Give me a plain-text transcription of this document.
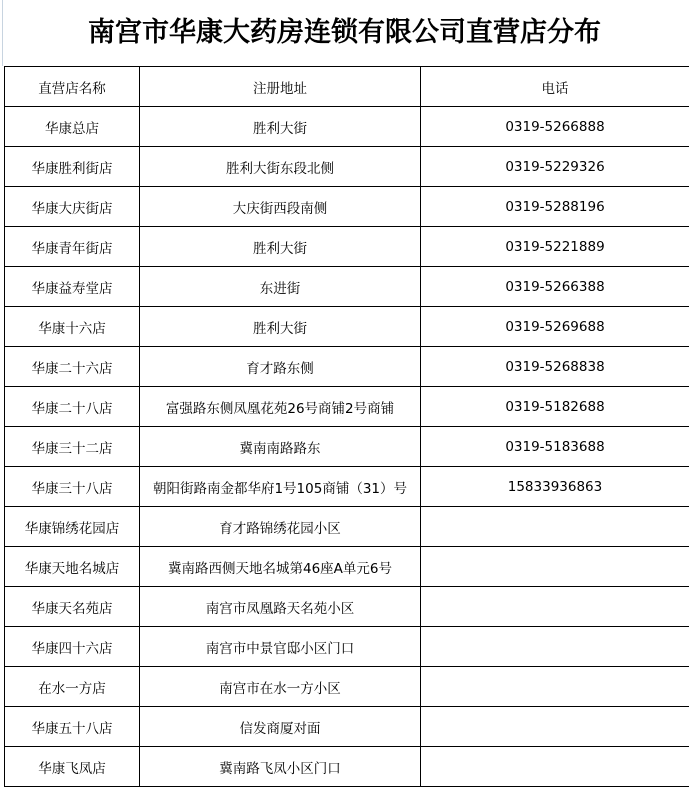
南宫市华康大药房连锁有限公司直营店分布
直营店名称	注册地址	电话
华康总店	胜利大街	0319-5266888
华康胜利街店	胜利大街东段北侧	0319-5229326
华康大庆街店	大庆街西段南侧	0319-5288196
华康青年街店	胜利大街	0319-5221889
华康益寿堂店	东进街	0319-5266388
华康十六店	胜利大街	0319-5269688
华康二十六店	育才路东侧	0319-5268838
华康二十八店	富强路东侧凤凰花苑26号商铺2号商铺	0319-5182688
华康三十二店	冀南南路路东	0319-5183688
华康三十八店	朝阳街路南金都华府1号105商铺（31）号	15833936863
华康锦绣花园店	育才路锦绣花园小区	
华康天地名城店	冀南路西侧天地名城第46座A单元6号	
华康天名苑店	南宫市凤凰路天名苑小区	
华康四十六店	南宫市中景官邸小区门口	
在水一方店	南宫市在水一方小区	
华康五十八店	信发商厦对面	
华康飞凤店	冀南路飞凤小区门口	
